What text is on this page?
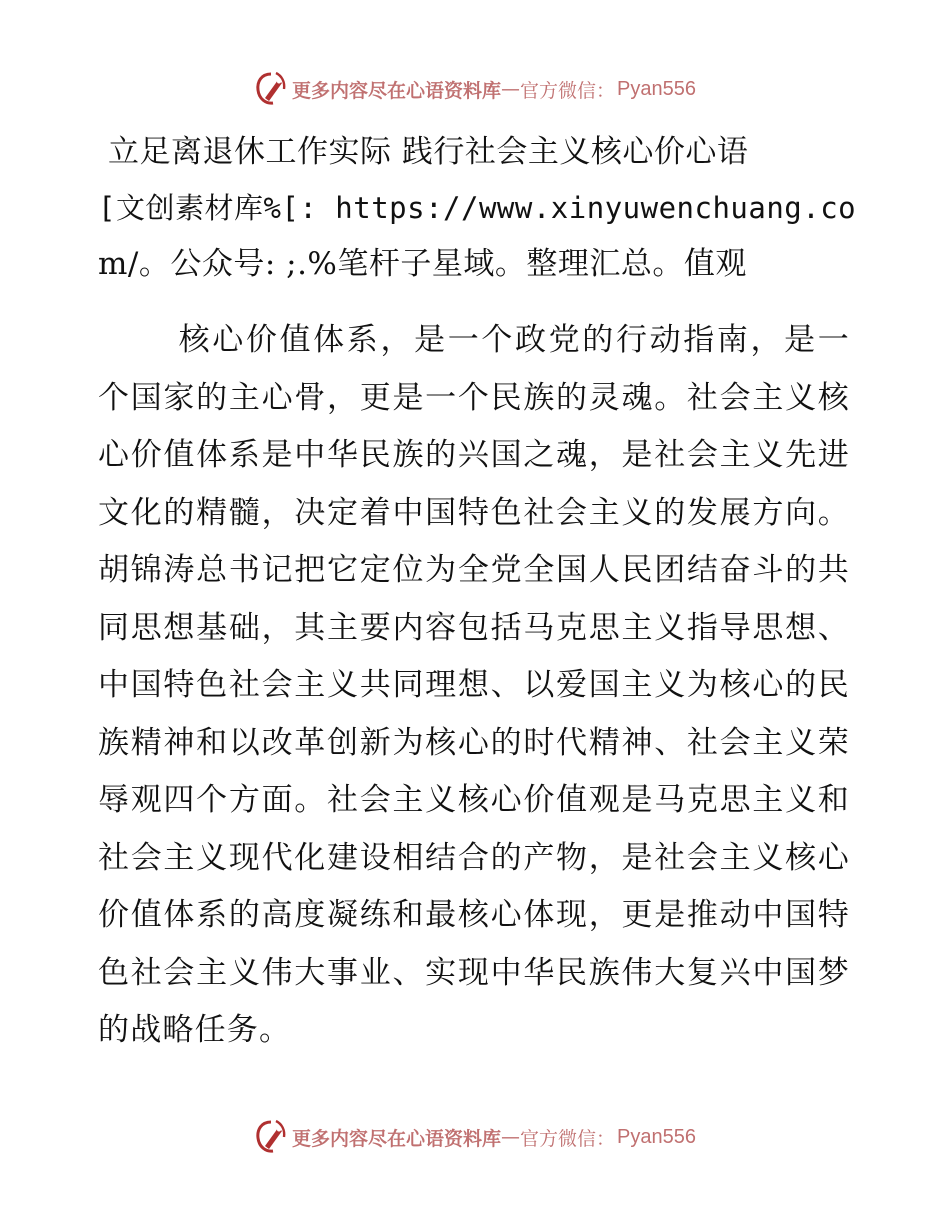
更多内容尽在心语资料库 — 官方微信： Pyan556
立足离退休工作实际 践行社会主义核心价心语
[文创素材库%[: https://www.xinyuwenchuang.co
m/。公众号: ;.%笔杆子星域。整理汇总。值观

核心价值体系，是一个政党的行动指南，是一个国家的主心骨，更是一个民族的灵魂。社会主义核心价值体系是中华民族的兴国之魂，是社会主义先进文化的精髓，决定着中国特色社会主义的发展方向。胡锦涛总书记把它定位为全党全国人民团结奋斗的共同思想基础，其主要内容包括马克思主义指导思想、中国特色社会主义共同理想、以爱国主义为核心的民族精神和以改革创新为核心的时代精神、社会主义荣辱观四个方面。社会主义核心价值观是马克思主义和社会主义现代化建设相结合的产物，是社会主义核心价值体系的高度凝练和最核心体现，更是推动中国特色社会主义伟大事业、实现中华民族伟大复兴中国梦的战略任务。

更多内容尽在心语资料库 — 官方微信： Pyan556
